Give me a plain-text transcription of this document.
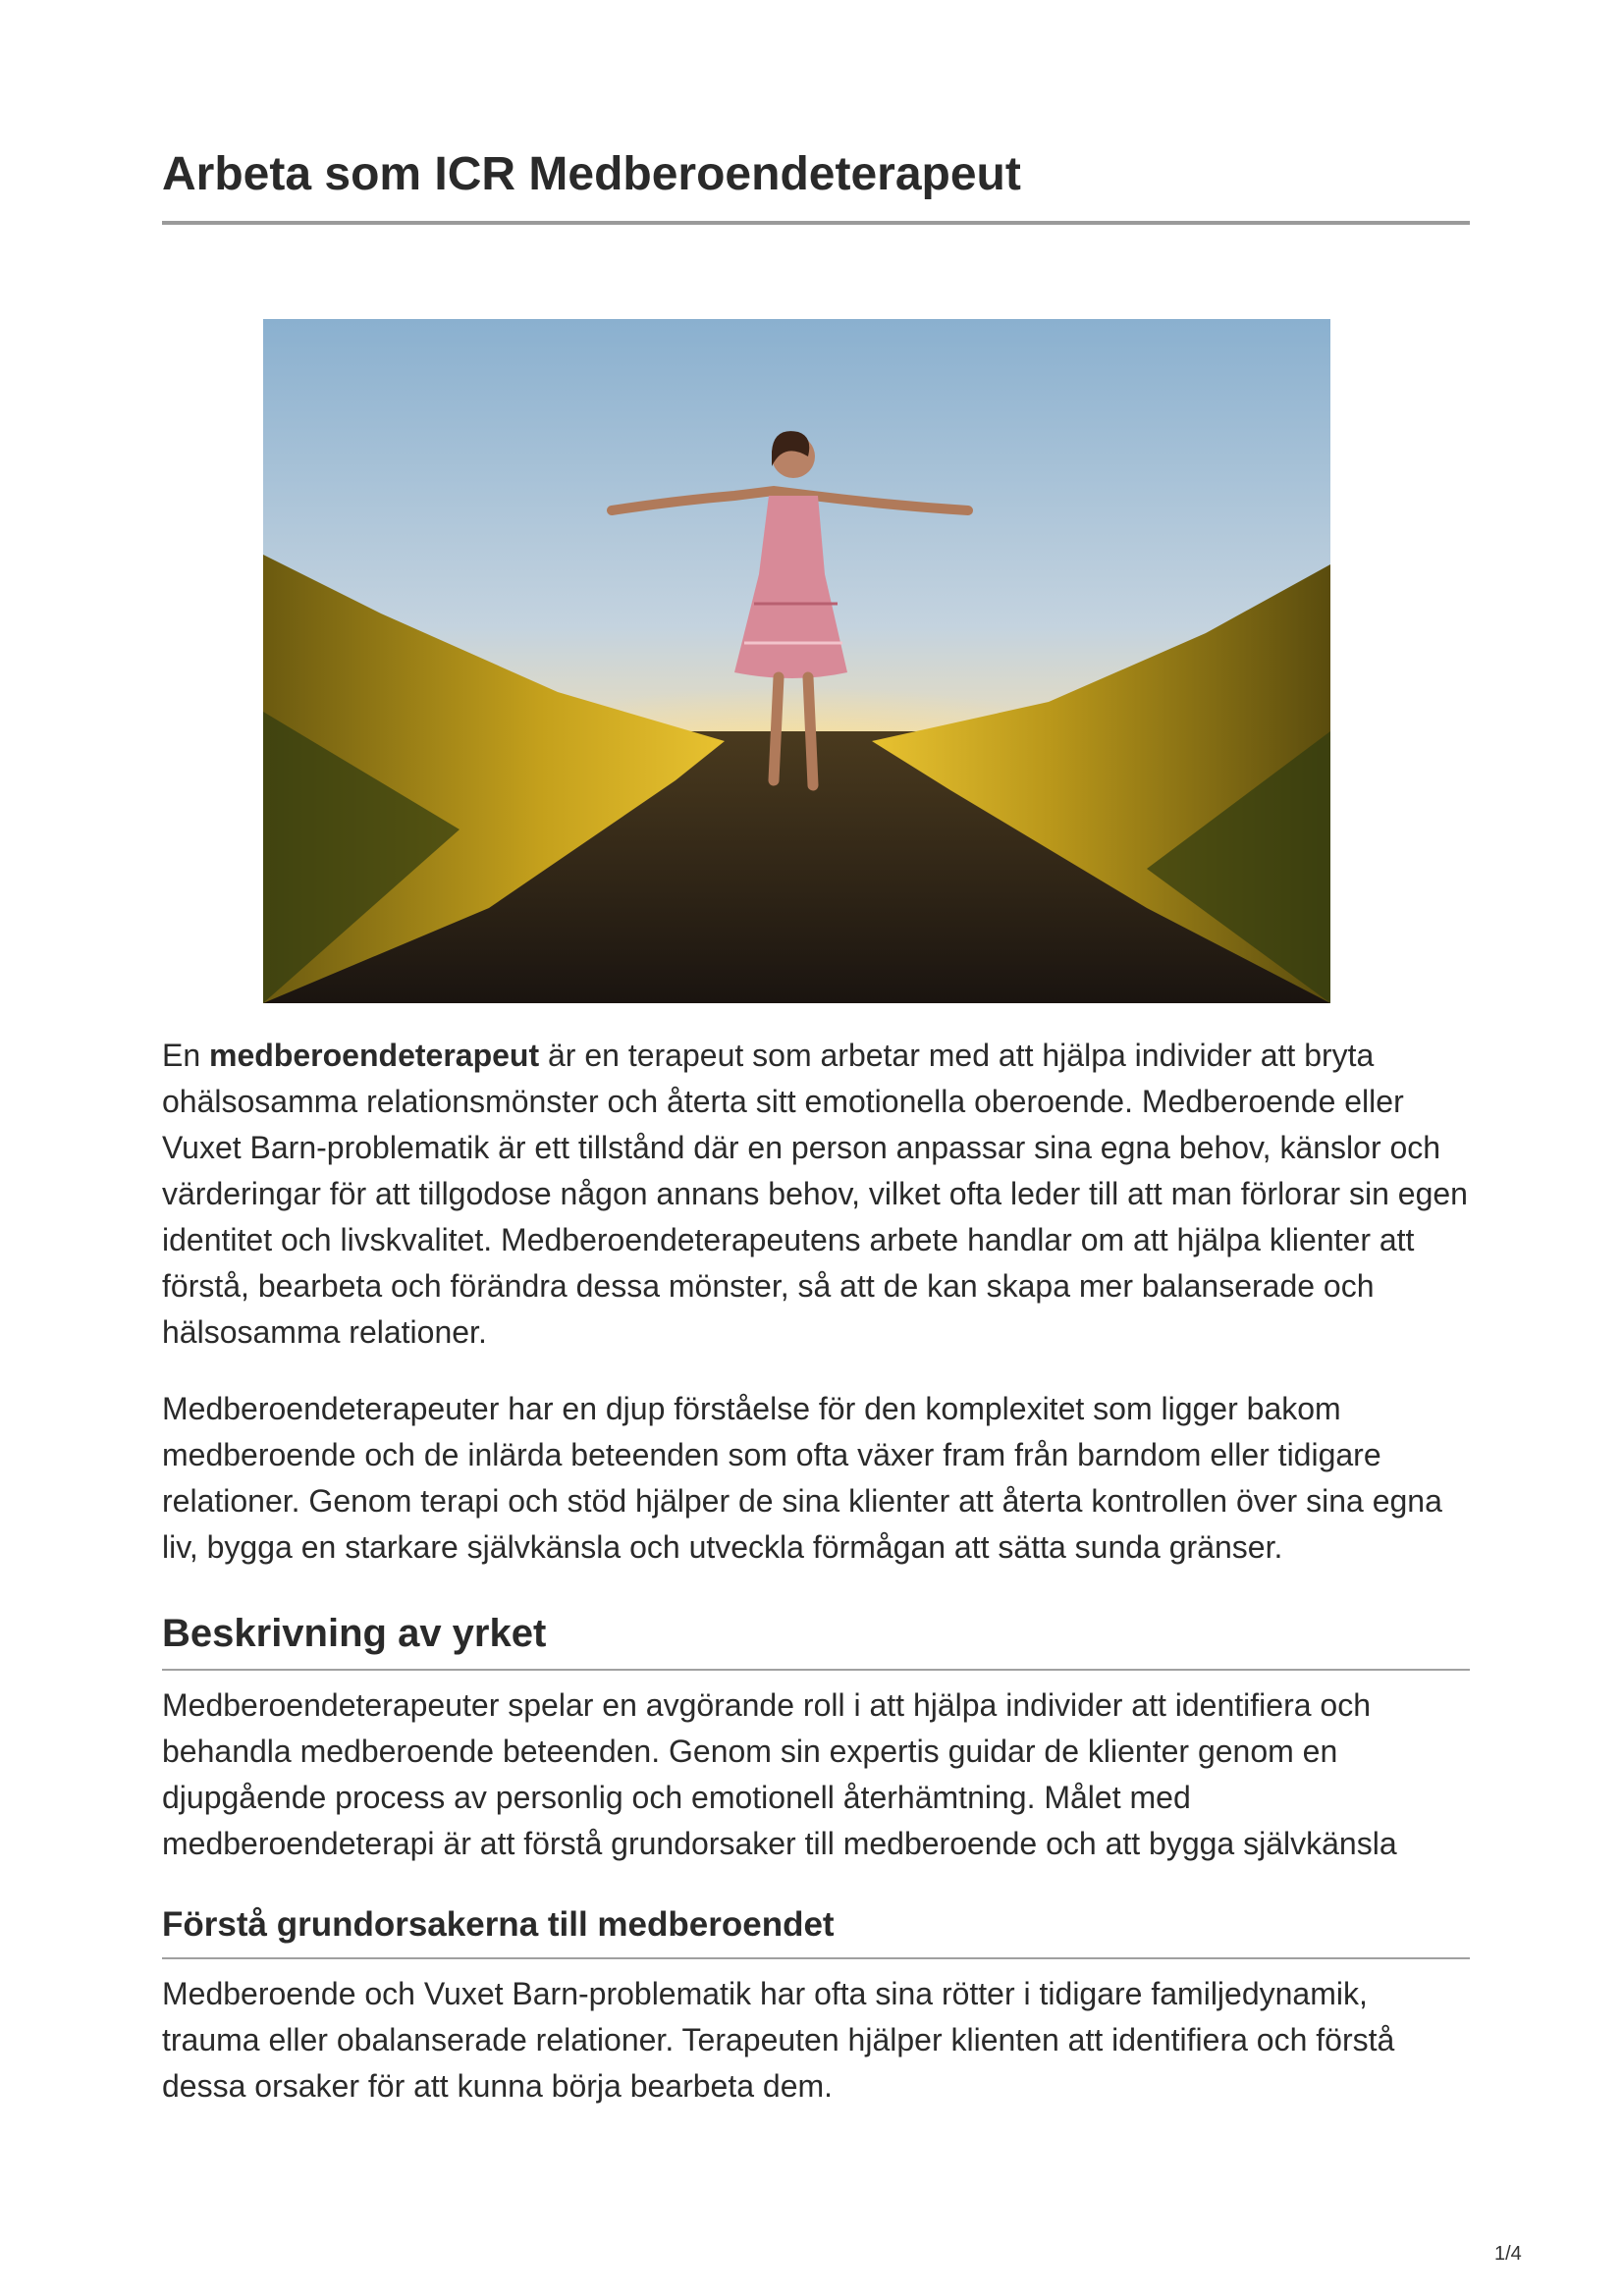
Arbeta som ICR Medberoendeterapeut

En medberoendeterapeut är en terapeut som arbetar med att hjälpa individer att bryta ohälsosamma relationsmönster och återta sitt emotionella oberoende. Medberoende eller Vuxet Barn-problematik är ett tillstånd där en person anpassar sina egna behov, känslor och värderingar för att tillgodose någon annans behov, vilket ofta leder till att man förlorar sin egen identitet och livskvalitet. Medberoendeterapeutens arbete handlar om att hjälpa klienter att förstå, bearbeta och förändra dessa mönster, så att de kan skapa mer balanserade och hälsosamma relationer.

Medberoendeterapeuter har en djup förståelse för den komplexitet som ligger bakom medberoende och de inlärda beteenden som ofta växer fram från barndom eller tidigare relationer. Genom terapi och stöd hjälper de sina klienter att återta kontrollen över sina egna liv, bygga en starkare självkänsla och utveckla förmågan att sätta sunda gränser.

Beskrivning av yrket

Medberoendeterapeuter spelar en avgörande roll i att hjälpa individer att identifiera och behandla medberoende beteenden. Genom sin expertis guidar de klienter genom en djupgående process av personlig och emotionell återhämtning. Målet med medberoendeterapi är att förstå grundorsaker till medberoende och att bygga självkänsla

Förstå grundorsakerna till medberoendet

Medberoende och Vuxet Barn-problematik har ofta sina rötter i tidigare familjedynamik, trauma eller obalanserade relationer. Terapeuten hjälper klienten att identifiera och förstå dessa orsaker för att kunna börja bearbeta dem.

1/4
